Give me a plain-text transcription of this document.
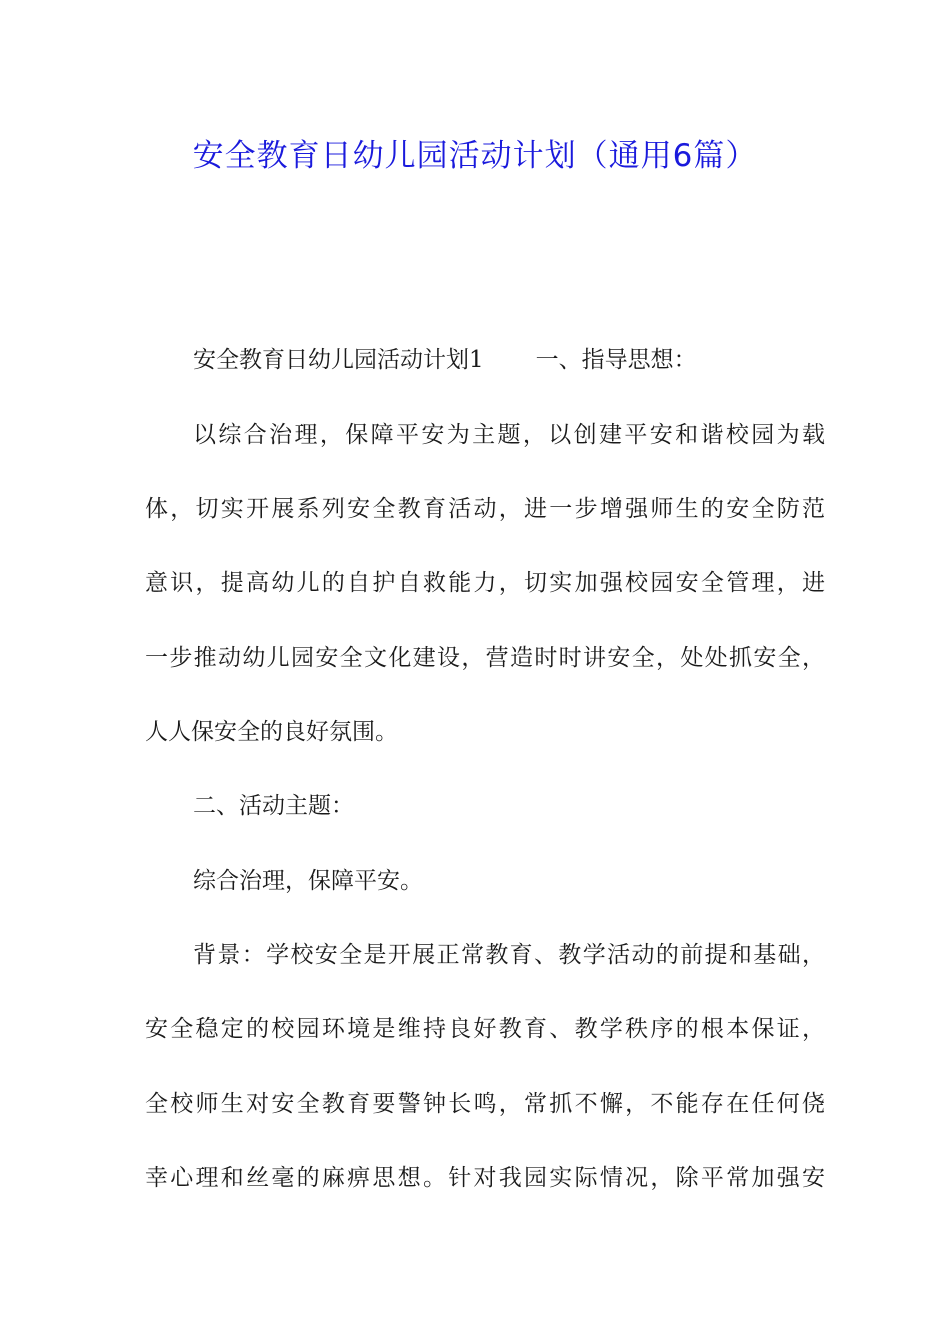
安全教育日幼儿园活动计划（通用6篇）
安全教育日幼儿园活动计划1 一、指导思想：
以综合治理，保障平安为主题，以创建平安和谐校园为载
体，切实开展系列安全教育活动，进一步增强师生的安全防范
意识，提高幼儿的自护自救能力，切实加强校园安全管理，进
一步推动幼儿园安全文化建设，营造时时讲安全，处处抓安全，
人人保安全的良好氛围。
二、活动主题：
综合治理，保障平安。
背景：学校安全是开展正常教育、教学活动的前提和基础，
安全稳定的校园环境是维持良好教育、教学秩序的根本保证，
全校师生对安全教育要警钟长鸣，常抓不懈，不能存在任何侥
幸心理和丝毫的麻痹思想。针对我园实际情况，除平常加强安
